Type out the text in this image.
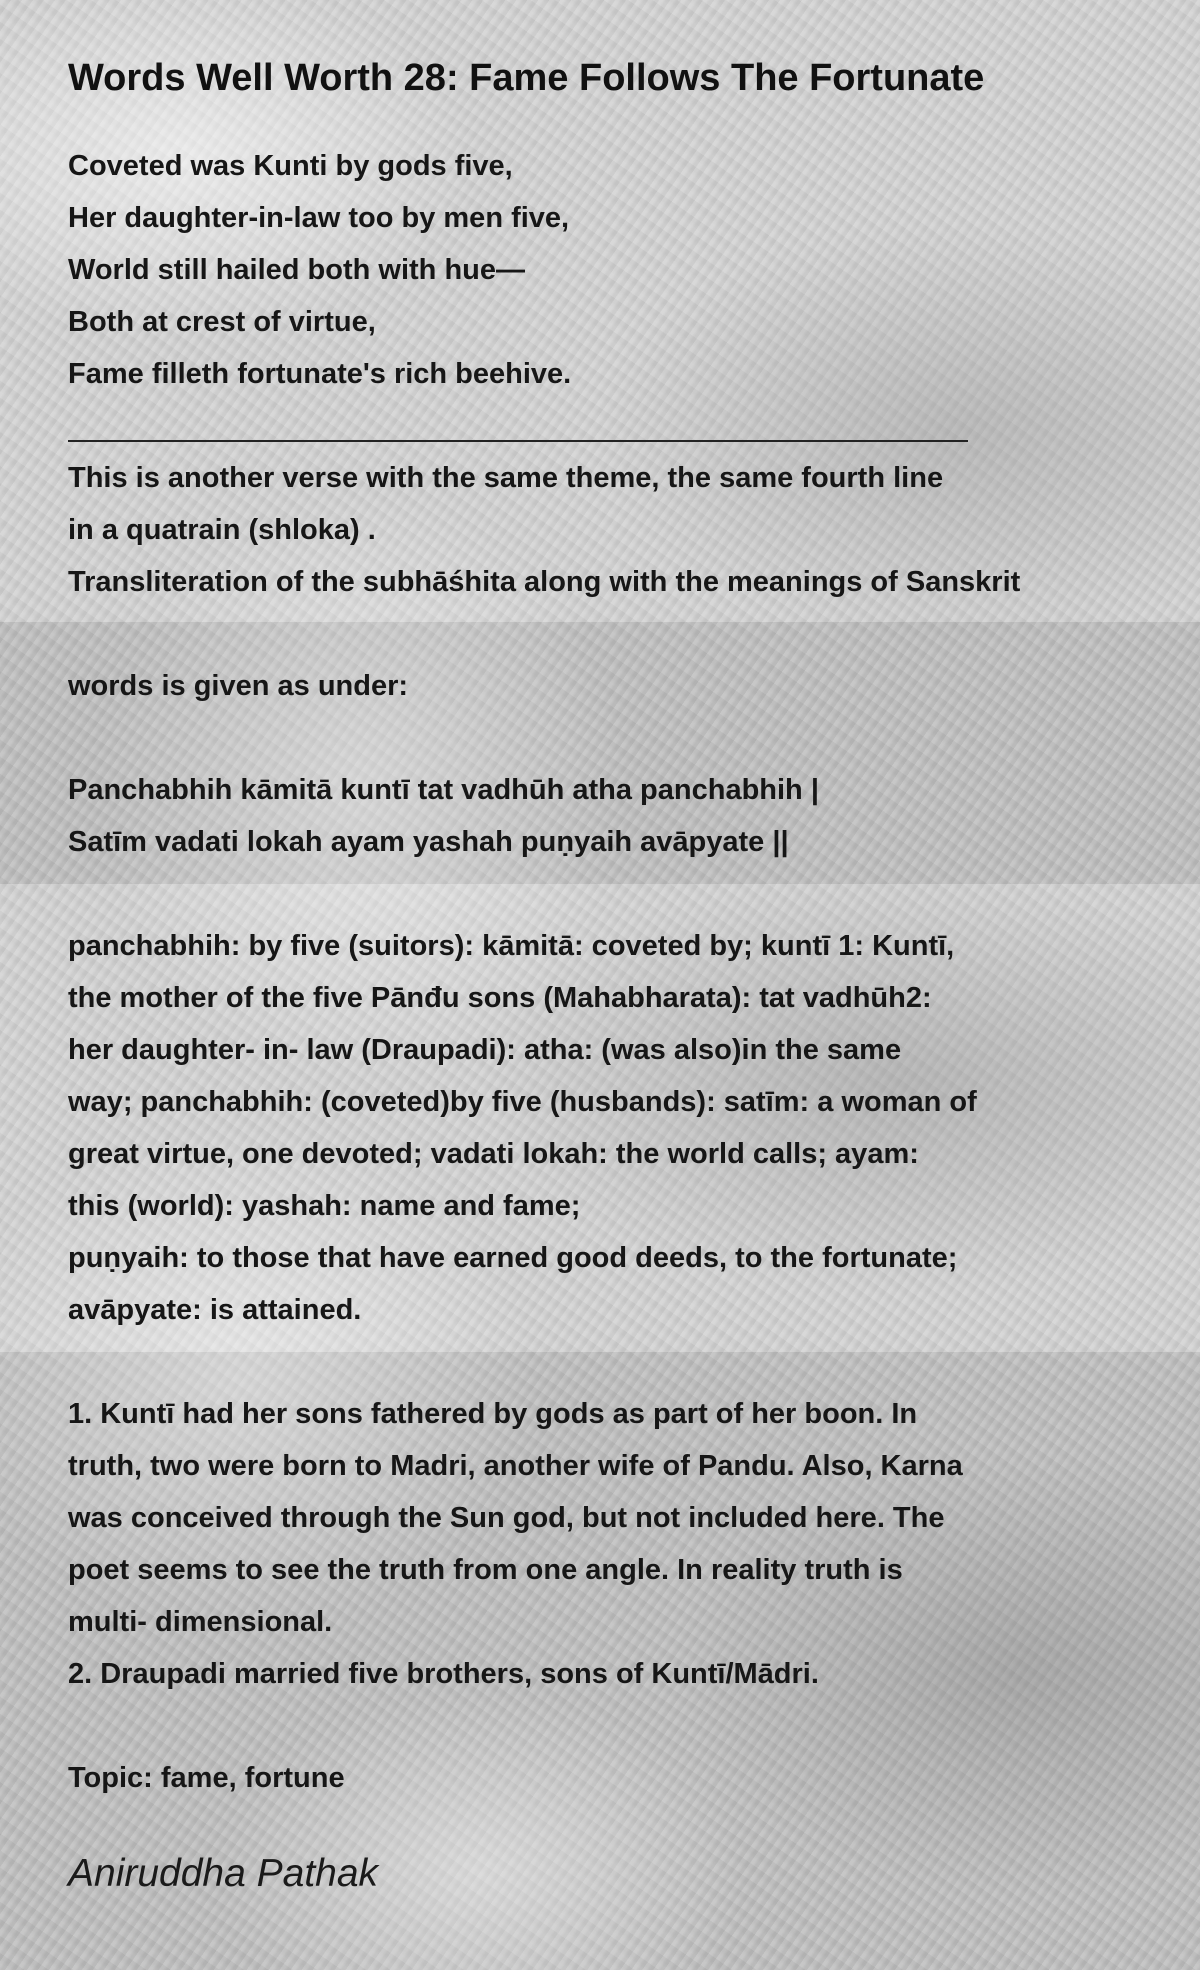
Words Well Worth 28: Fame Follows The Fortunate
Coveted was Kunti by gods five,
Her daughter-in-law too by men five,
World still hailed both with hue—
Both at crest of virtue,
Fame filleth fortunate's rich beehive.
This is another verse with the same theme, the same fourth line
in a quatrain (shloka) .
Transliteration of the subhāśhita along with the meanings of Sanskrit
words is given as under:
Panchabhih kāmitā kuntī tat vadhūh atha panchabhih |
Satīm vadati lokah ayam yashah puṇyaih avāpyate ||
panchabhih: by five (suitors): kāmitā: coveted by; kuntī 1: Kuntī,
the mother of the five Pānđu sons (Mahabharata): tat vadhūh2:
her daughter- in- law (Draupadi): atha: (was also)in the same
way; panchabhih: (coveted)by five (husbands): satīm: a woman of
great virtue, one devoted; vadati lokah: the world calls; ayam:
this (world): yashah: name and fame;
puṇyaih: to those that have earned good deeds, to the fortunate;
avāpyate: is attained.
1. Kuntī had her sons fathered by gods as part of her boon. In
truth, two were born to Madri, another wife of Pandu. Also, Karna
was conceived through the Sun god, but not included here. The
poet seems to see the truth from one angle. In reality truth is
multi- dimensional.
2. Draupadi married five brothers, sons of Kuntī/Mādri.
Topic: fame, fortune
Aniruddha Pathak
